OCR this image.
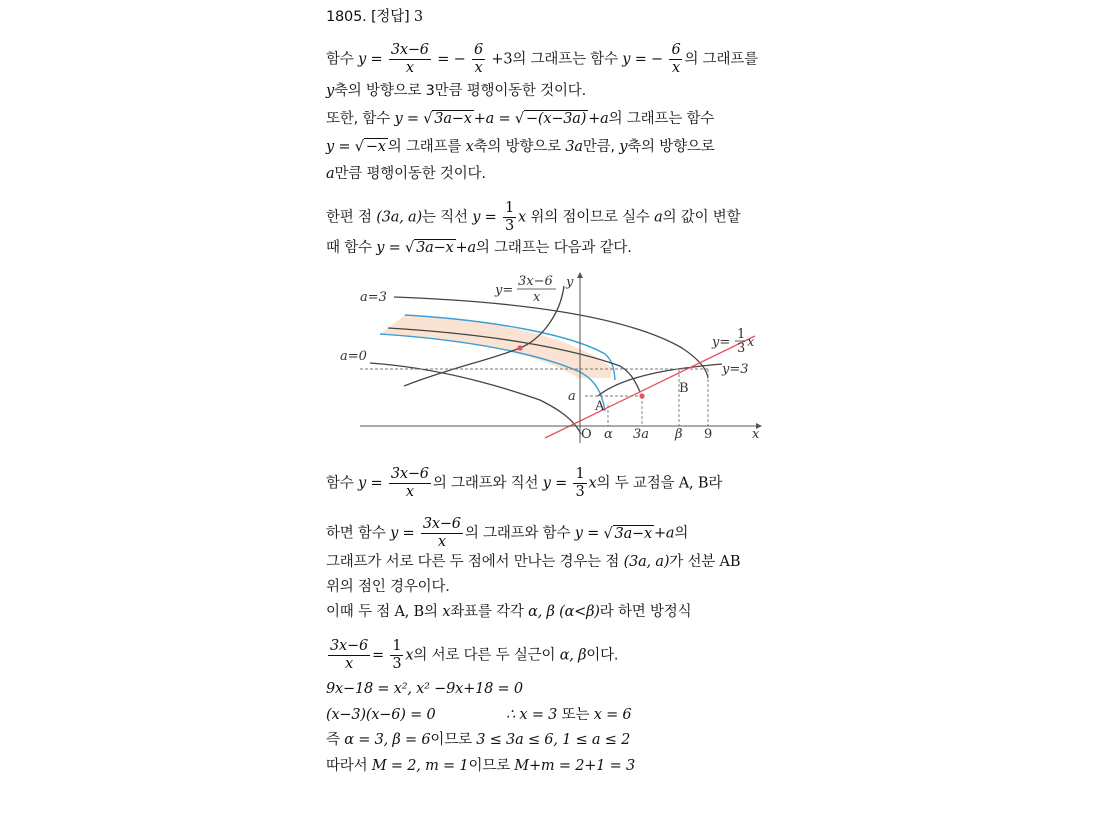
1805. [정답] 3
함수 $y = \frac{3x-6}{x}$ = − $\frac{6}{x} +3$의 그래프는 함수 y = − $\frac{6}{x}$ 의 그래프를
y축의 방향으로 3만큼 평행이동한 것이다.
또한, 함수 y = √ 3a−x +a = √ −(x−3a) +a의 그래프는 함수
y = √ −x 의 그래프를 x축의 방향으로 3a만큼, y축의 방향으로
a만큼 평행이동한 것이다.
한편 점 (3a, a)는 직선 $y = \frac{1}{3}$ x 위의 점이므로 실수 a의 값이 변할
때 함수 y = √ 3a−x +a의 그래프는 다음과 같다.
함수 $y = \frac{3x-6}{x}$ 의 그래프와 직선 $y = \frac{1}{3}$ x의 두 교점을 A, B라
하면 함수 $y = \frac{3x-6}{x}$ 의 그래프와 함수 y = √ 3a−x +a의
그래프가 서로 다른 두 점에서 만나는 경우는 점 (3a, a)가 선분 AB
위의 점인 경우이다.
이때 두 점 A, B의 x좌표를 각각 α, β (α<β)라 하면 방정식
$\frac{3x-6}{x} = \frac{1}{3}$ x의 서로 다른 두 실근이 α, β이다.
9x−18 = x², x² −9x+18 = 0
(x−3)(x−6) = 0	∴ x = 3 또는 x = 6
즉 α = 3, β = 6이므로 3 ≤ 3a ≤ 6, 1 ≤ a ≤ 2
따라서 M = 2, m = 1이므로 M+m = 2+1 = 3
a=3
a=0
y=
3x−6
x
y
x
y=
1
3 x
y=3
A
B
a
O α 3a β 9
